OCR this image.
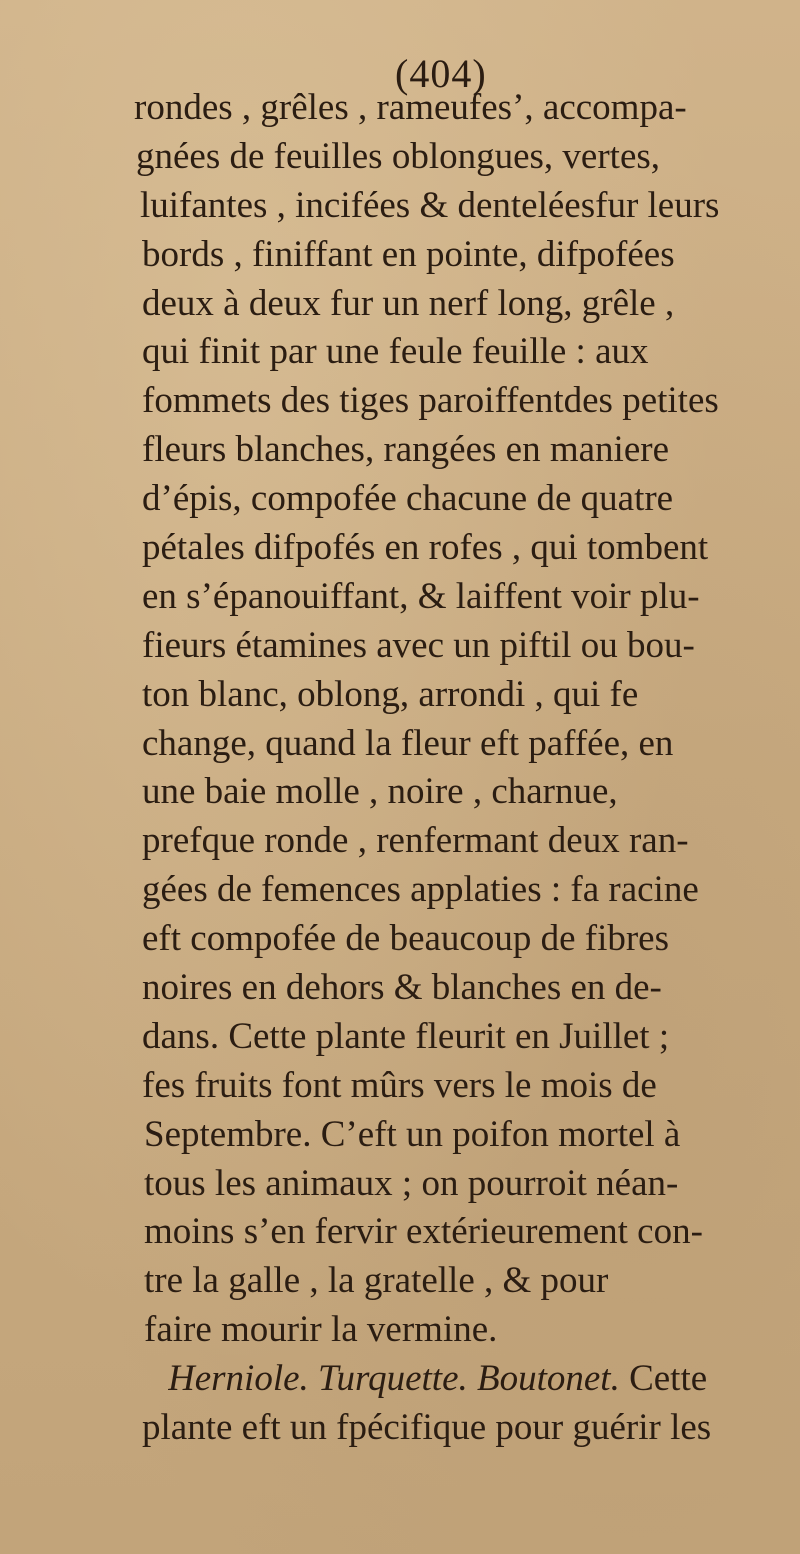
(404)
rondes , grêles , rameufes’, accompa-
gnées de feuilles oblongues, vertes,
luifantes , incifées & denteléesfur leurs
bords , finiffant en pointe, difpofées
deux à deux fur un nerf long, grêle ,
qui finit par une feule feuille : aux
fommets des tiges paroiffentdes petites
fleurs blanches, rangées en maniere
d’épis, compofée chacune de quatre
pétales difpofés en rofes , qui tombent
en s’épanouiffant, & laiffent voir plu-
fieurs étamines avec un piftil ou bou-
ton blanc, oblong, arrondi , qui fe
change, quand la fleur eft paffée, en
une baie molle , noire , charnue,
prefque ronde , renfermant deux ran-
gées de femences applaties : fa racine
eft compofée de beaucoup de fibres
noires en dehors & blanches en de-
dans. Cette plante fleurit en Juillet ;
fes fruits font mûrs vers le mois de
Septembre. C’eft un poifon mortel à
tous les animaux ; on pourroit néan-
moins s’en fervir extérieurement con-
tre la galle , la gratelle , & pour
faire mourir la vermine.
Herniole. Turquette. Boutonet. Cette
plante eft un fpécifique pour guérir les
